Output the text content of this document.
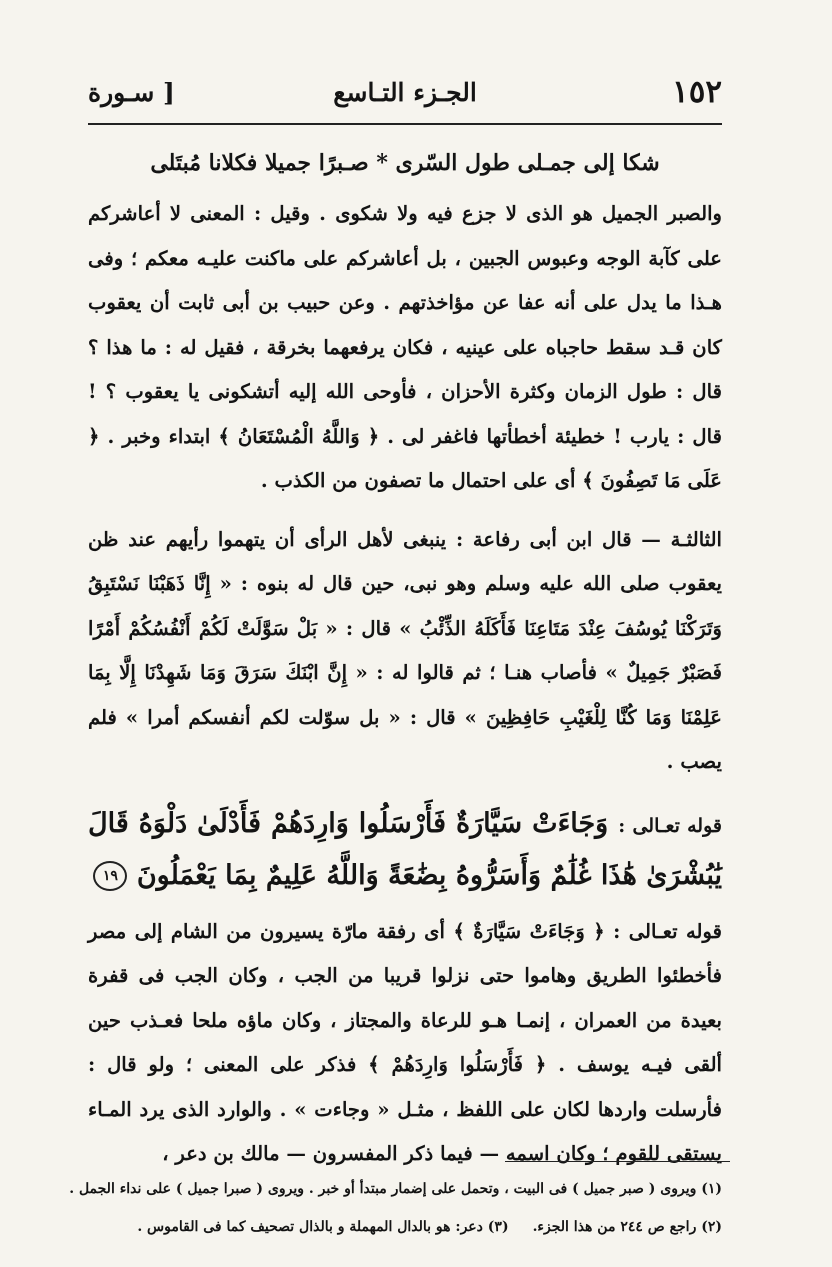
١٥٢
الجـزء التـاسع
[ سـورة
شكا إلى جمـلى طول السّرى * صـبرًا جميلا فكلانا مُبتَلى

والصبر الجميل هو الذى لا جزع فيه ولا شكوى . وقيل : المعنى لا أعاشركم على كآبة الوجه وعبوس الجبين ، بل أعاشركم على ماكنت عليـه معكم ؛ وفى هـذا ما يدل على أنه عفا عن مؤاخذتهم . وعن حبيب بن أبى ثابت أن يعقوب كان قـد سقط حاجباه على عينيه ، فكان يرفعهما بخرقة ، فقيل له : ما هذا ؟ قال : طول الزمان وكثرة الأحزان ، فأوحى الله إليه أتشكونى يا يعقوب ؟ ! قال : يارب ! خطيئة أخطأتها فاغفر لى . ﴿ وَاللَّهُ الْمُسْتَعَانُ ﴾ ابتداء وخبر . ﴿ عَلَى مَا تَصِفُونَ ﴾ أى على احتمال ما تصفون من الكذب .

الثالثـة — قال ابن أبى رفاعة : ينبغى لأهل الرأى أن يتهموا رأيهم عند ظن يعقوب صلى الله عليه وسلم وهو نبى، حين قال له بنوه : « إِنَّا ذَهَبْنَا نَسْتَبِقُ وَتَرَكْنَا يُوسُفَ عِنْدَ مَتَاعِنَا فَأَكَلَهُ الذِّئْبُ » قال : « بَلْ سَوَّلَتْ لَكُمْ أَنْفُسُكُمْ أَمْرًا فَصَبْرٌ جَمِيلٌ » فأصاب هنـا ؛ ثم قالوا له : « إِنَّ ابْنَكَ سَرَقَ وَمَا شَهِدْنَا إِلَّا بِمَا عَلِمْنَا وَمَا كُنَّا لِلْغَيْبِ حَافِظِينَ » قال : « بل سوّلت لكم أنفسكم أمرا » فلم يصب .

قوله تعـالى : وَجَاءَتْ سَيَّارَةٌ فَأَرْسَلُوا وَارِدَهُمْ فَأَدْلَىٰ دَلْوَهُ قَالَ يَٰبُشْرَىٰ هَٰذَا غُلَٰمٌ وَأَسَرُّوهُ بِضَٰعَةً وَاللَّهُ عَلِيمٌ بِمَا يَعْمَلُونَ ١٩

قوله تعـالى : ﴿ وَجَاءَتْ سَيَّارَةٌ ﴾ أى رفقة مارّة يسيرون من الشام إلى مصر فأخطئوا الطريق وهاموا حتى نزلوا قريبا من الجب ، وكان الجب فى قفرة بعيدة من العمران ، إنمـا هـو للرعاة والمجتاز ، وكان ماؤه ملحا فعـذب حين ألقى فيـه يوسف . ﴿ فَأَرْسَلُوا وَارِدَهُمْ ﴾ فذكر على المعنى ؛ ولو قال : فأرسلت واردها لكان على اللفظ ، مثـل « وجاءت » . والوارد الذى يرد المـاء يستقى للقوم ؛ وكان اسمه — فيما ذكر المفسرون — مالك بن دعر ،

(١) ويروى ( صبر جميل ) فى البيت ، وتحمل على إضمار مبتدأ أو خبر . ويروى ( صبرا جميل ) على نداء الجمل .
(٢) راجع ص ٢٤٤ من هذا الجزء.
(٣) دعر: هو بالدال المهملة و بالذال تصحيف كما فى القاموس .
